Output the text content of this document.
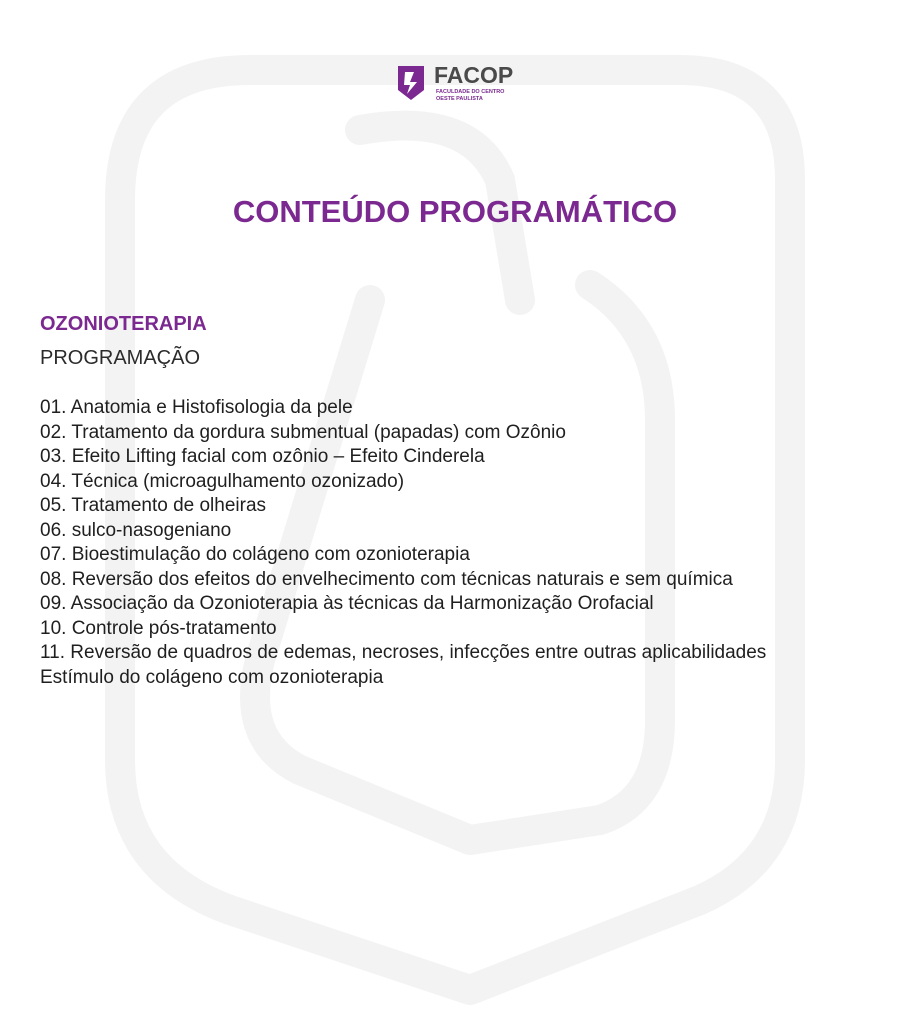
FACOP
FACULDADE DO CENTRO
OESTE PAULISTA
CONTEÚDO PROGRAMÁTICO
OZONIOTERAPIA
PROGRAMAÇÃO
01. Anatomia e Histofisologia da pele
02. Tratamento da gordura submentual (papadas) com Ozônio
03. Efeito Lifting facial com ozônio – Efeito Cinderela
04. Técnica (microagulhamento ozonizado)
05. Tratamento de olheiras
06. sulco-nasogeniano
07. Bioestimulação do colágeno com ozonioterapia
08. Reversão dos efeitos do envelhecimento com técnicas naturais e sem química
09. Associação da Ozonioterapia às técnicas da Harmonização Orofacial
10. Controle pós-tratamento
11. Reversão de quadros de edemas, necroses, infecções entre outras aplicabilidades
Estímulo do colágeno com ozonioterapia
